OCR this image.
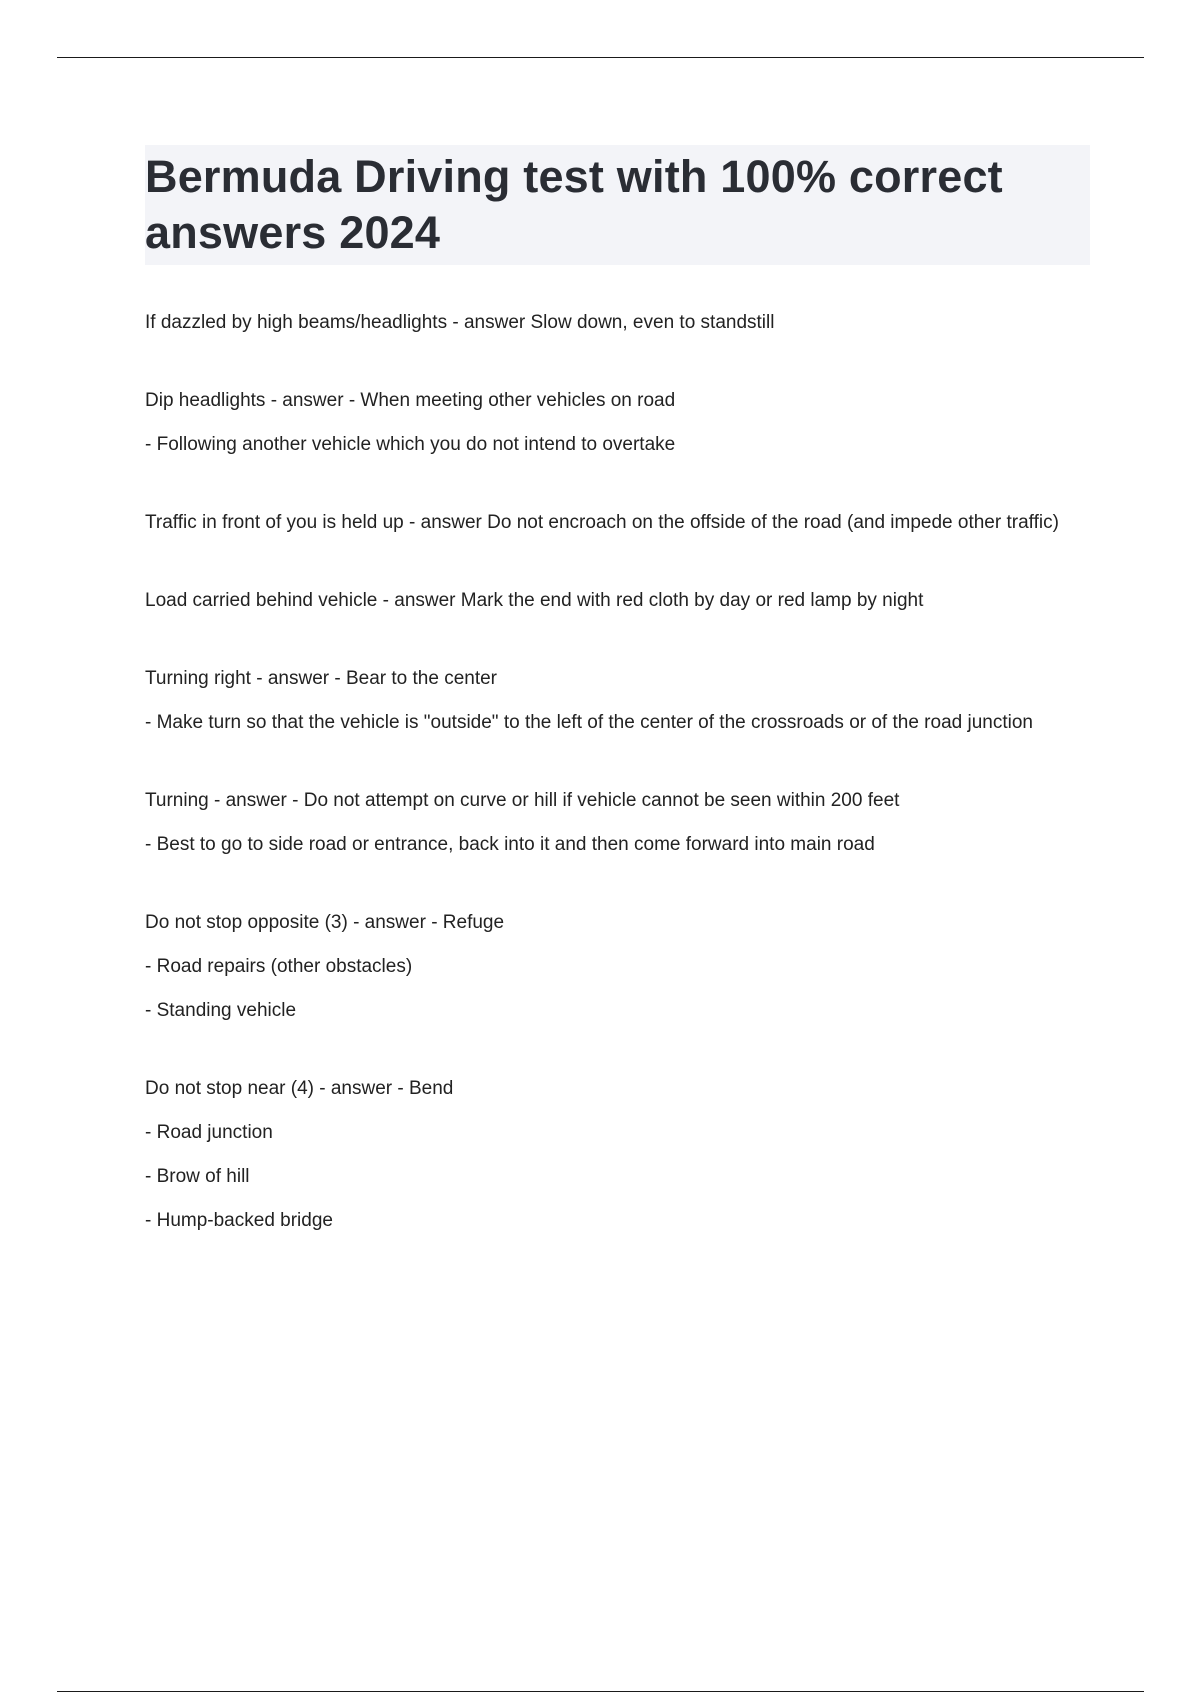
Bermuda Driving test with 100% correct answers 2024

If dazzled by high beams/headlights - answer Slow down, even to standstill

Dip headlights - answer - When meeting other vehicles on road

- Following another vehicle which you do not intend to overtake

Traffic in front of you is held up - answer Do not encroach on the offside of the road (and impede other traffic)

Load carried behind vehicle - answer Mark the end with red cloth by day or red lamp by night

Turning right - answer - Bear to the center

- Make turn so that the vehicle is "outside" to the left of the center of the crossroads or of the road junction

Turning - answer - Do not attempt on curve or hill if vehicle cannot be seen within 200 feet

- Best to go to side road or entrance, back into it and then come forward into main road

Do not stop opposite (3) - answer - Refuge

- Road repairs (other obstacles)

- Standing vehicle

Do not stop near (4) - answer - Bend

- Road junction

- Brow of hill

- Hump-backed bridge
